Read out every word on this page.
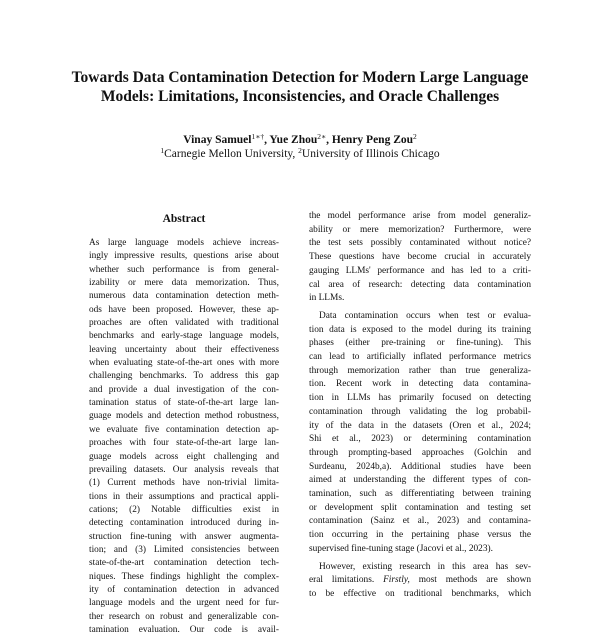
Towards Data Contamination Detection for Modern Large Language
Models: Limitations, Inconsistencies, and Oracle Challenges
Vinay Samuel$^{1∗\dagger}$, Yue Zhou$^{2∗}$, Henry Peng Zou$^2$
$^1$Carnegie Mellon University, $^2$University of Illinois Chicago
Abstract
As large language models achieve increas-
ingly impressive results, questions arise about
whether such performance is from general-
izability or mere data memorization. Thus,
numerous data contamination detection meth-
ods have been proposed. However, these ap-
proaches are often validated with traditional
benchmarks and early-stage language models,
leaving uncertainty about their effectiveness
when evaluating state-of-the-art ones with more
challenging benchmarks. To address this gap
and provide a dual investigation of the con-
tamination status of state-of-the-art large lan-
guage models and detection method robustness,
we evaluate five contamination detection ap-
proaches with four state-of-the-art large lan-
guage models across eight challenging and
prevailing datasets. Our analysis reveals that
(1) Current methods have non-trivial limita-
tions in their assumptions and practical appli-
cations; (2) Notable difficulties exist in
detecting contamination introduced during in-
struction fine-tuning with answer augmenta-
tion; and (3) Limited consistencies between
state-of-the-art contamination detection tech-
niques. These findings highlight the complex-
ity of contamination detection in advanced
language models and the urgent need for fur-
ther research on robust and generalizable con-
tamination evaluation. Our code is avail-
the model performance arise from model generaliz-
ability or mere memorization? Furthermore, were
the test sets possibly contaminated without notice?
These questions have become crucial in accurately
gauging LLMs' performance and has led to a criti-
cal area of research: detecting data contamination
in LLMs.
Data contamination occurs when test or evalua-
tion data is exposed to the model during its training
phases (either pre-training or fine-tuning). This
can lead to artificially inflated performance metrics
through memorization rather than true generaliza-
tion. Recent work in detecting data contamina-
tion in LLMs has primarily focused on detecting
contamination through validating the log probabil-
ity of the data in the datasets (Oren et al., 2024;
Shi et al., 2023) or determining contamination
through prompting-based approaches (Golchin and
Surdeanu, 2024b,a). Additional studies have been
aimed at understanding the different types of con-
tamination, such as differentiating between training
or development split contamination and testing set
contamination (Sainz et al., 2023) and contamina-
tion occurring in the pertaining phase versus the
supervised fine-tuning stage (Jacovi et al., 2023).
However, existing research in this area has sev-
eral limitations. Firstly, most methods are shown
to be effective on traditional benchmarks, which
